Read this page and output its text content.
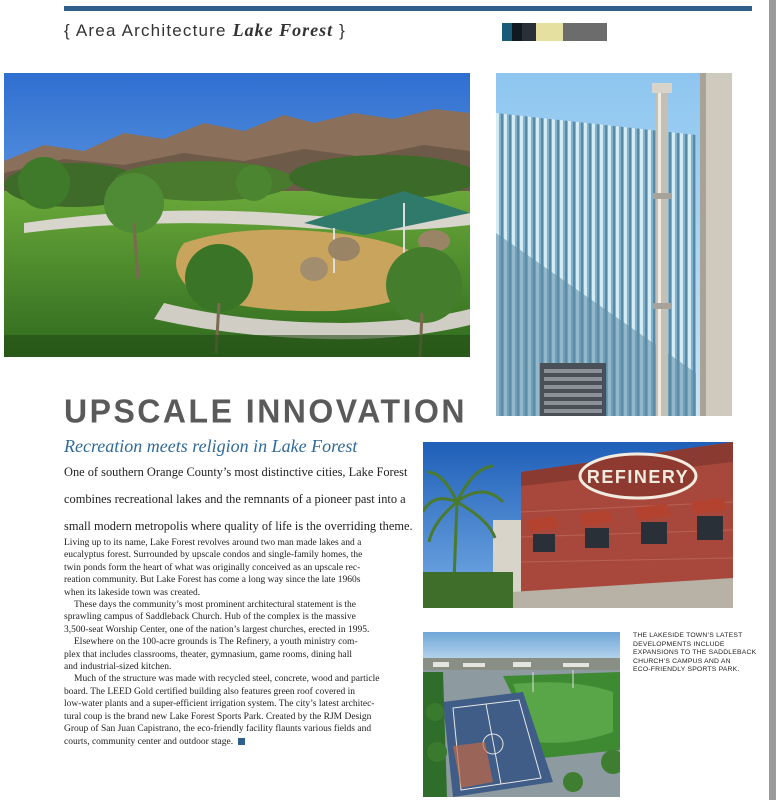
{ Area Architecture Lake Forest }
REFINERY
UPSCALE INNOVATION
Recreation meets religion in Lake Forest

One of southern Orange County’s most distinctive cities, Lake Forest

combines recreational lakes and the remnants of a pioneer past into a

small modern metropolis where quality of life is the overriding theme.

Living up to its name, Lake Forest revolves around two man made lakes and a

eucalyptus forest. Surrounded by upscale condos and single-family homes, the

twin ponds form the heart of what was originally conceived as an upscale rec-

reation community. But Lake Forest has come a long way since the late 1960s

when its lakeside town was created.

These days the community’s most prominent architectural statement is the

sprawling campus of Saddleback Church. Hub of the complex is the massive

3,500-seat Worship Center, one of the nation’s largest churches, erected in 1995.

Elsewhere on the 100-acre grounds is The Refinery, a youth ministry com-

plex that includes classrooms, theater, gymnasium, game rooms, dining hall

and industrial-sized kitchen.

Much of the structure was made with recycled steel, concrete, wood and particle

board. The LEED Gold certified building also features green roof covered in

low-water plants and a super-efficient irrigation system. The city’s latest architec-

tural coup is the brand new Lake Forest Sports Park. Created by the RJM Design

Group of San Juan Capistrano, the eco-friendly facility flaunts various fields and

courts, community center and outdoor stage.

THE LAKESIDE TOWN’S LATEST

DEVELOPMENTS INCLUDE

EXPANSIONS TO THE SADDLEBACK

CHURCH’S CAMPUS AND AN

ECO-FRIENDLY SPORTS PARK.
